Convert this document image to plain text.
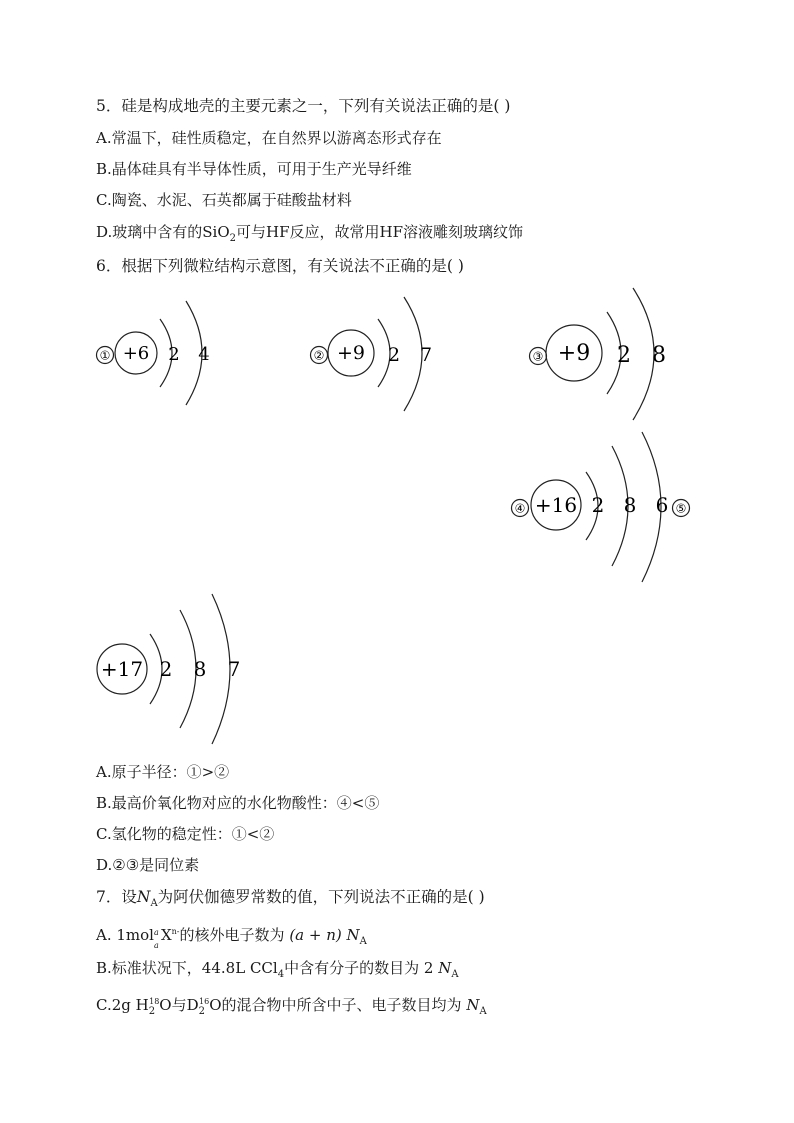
5．硅是构成地壳的主要元素之一，下列有关说法正确的是( )
A.常温下，硅性质稳定，在自然界以游离态形式存在
B.晶体硅具有半导体性质，可用于生产光导纤维
C.陶瓷、水泥、石英都属于硅酸盐材料
D.玻璃中含有的SiO$_2$可与HF反应，故常用HF溶液雕刻玻璃纹饰
6．根据下列微粒结构示意图，有关说法不正确的是( )
① +6 2 4	② +9 2 7	③ +9 2 8
④ +16 2 8 6 ⑤
+17 2 8 7
A.原子半径：①>②
B.最高价氧化物对应的水化物酸性：④<⑤
C.氢化物的稳定性：①<②
D.②③是同位素
7．设$N_A$为阿伏伽德罗常数的值，下列说法不正确的是( )
A. 1mol a
a
$X^{n-}$的核外电子数为 (a + n) $N_A$
B.标准状况下，44.8L CCl$_4$中含有分子的数目为 2 $N_A$
C.2g $H_2^{18}O$与$D_2^{16}O$的混合物中所含中子、电子数目均为 $N_A$
